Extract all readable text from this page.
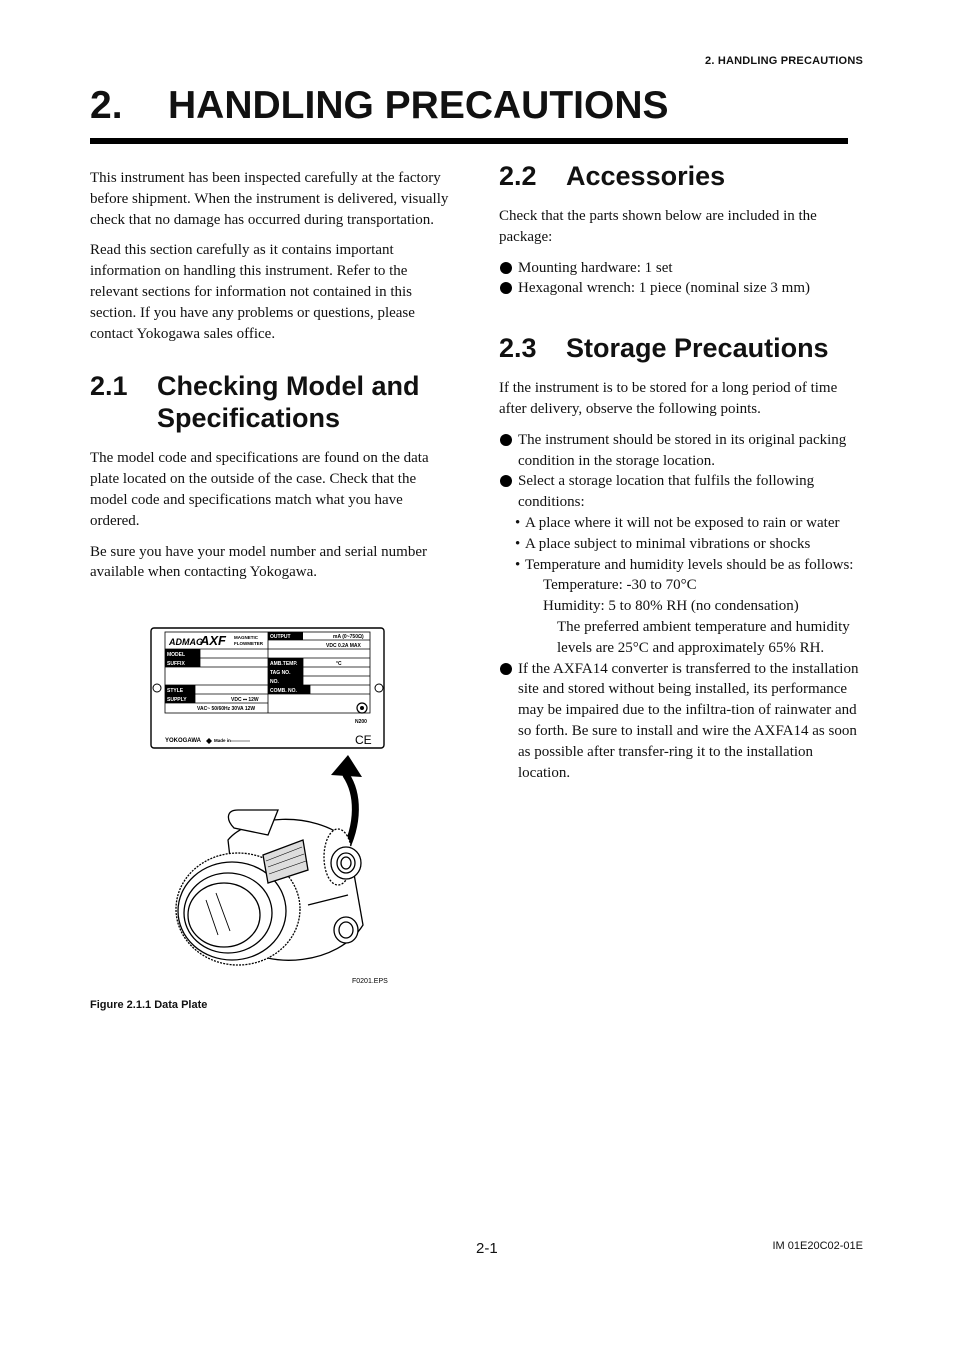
2. HANDLING PRECAUTIONS
2. HANDLING PRECAUTIONS

This instrument has been inspected carefully at the factory before shipment. When the instrument is delivered, visually check that no damage has occurred during transportation.

Read this section carefully as it contains important information on handling this instrument. Refer to the relevant sections for information not contained in this section. If you have any problems or questions, please contact Yokogawa sales office.

2.1 Checking Model and
Specifications

The model code and specifications are found on the data plate located on the outside of the case. Check that the model code and specifications match what you have ordered.

Be sure you have your model number and serial number available when contacting Yokogawa.

ADMAG
AXF MAGNETIC
FLOWMETER
OUTPUT	mA (0~750Ω)
VDC 0.2A MAX
MODEL
SUFFIX	AMB.TEMP.	°C
TAG NO.
NO.
STYLE	COMB. NO.
SUPPLY	VDC ⎓ 12W
VAC~ 50/60Hz 30VA 12W
N200
YOKOGAWA	Made in	CE
F0201.EPS
Figure 2.1.1 Data Plate
2.2 Accessories

Check that the parts shown below are included in the package:

Mounting hardware: 1 set
Hexagonal wrench: 1 piece (nominal size 3 mm)
2.3 Storage Precautions

If the instrument is to be stored for a long period of time after delivery, observe the following points.

The instrument should be stored in its original packing condition in the storage location.
Select a storage location that fulfils the following conditions:
• A place where it will not be exposed to rain or water
• A place subject to minimal vibrations or shocks
• Temperature and humidity levels should be as follows:
Temperature: -30 to 70°C
Humidity: 5 to 80% RH (no condensation)
The preferred ambient temperature and humidity levels are 25°C and approximately 65% RH.
If the AXFA14 converter is transferred to the installation site and stored without being installed, its performance may be impaired due to the infiltra-tion of rainwater and so forth. Be sure to install and wire the AXFA14 as soon as possible after transfer-ring it to the installation location.
2-1	IM 01E20C02-01E
